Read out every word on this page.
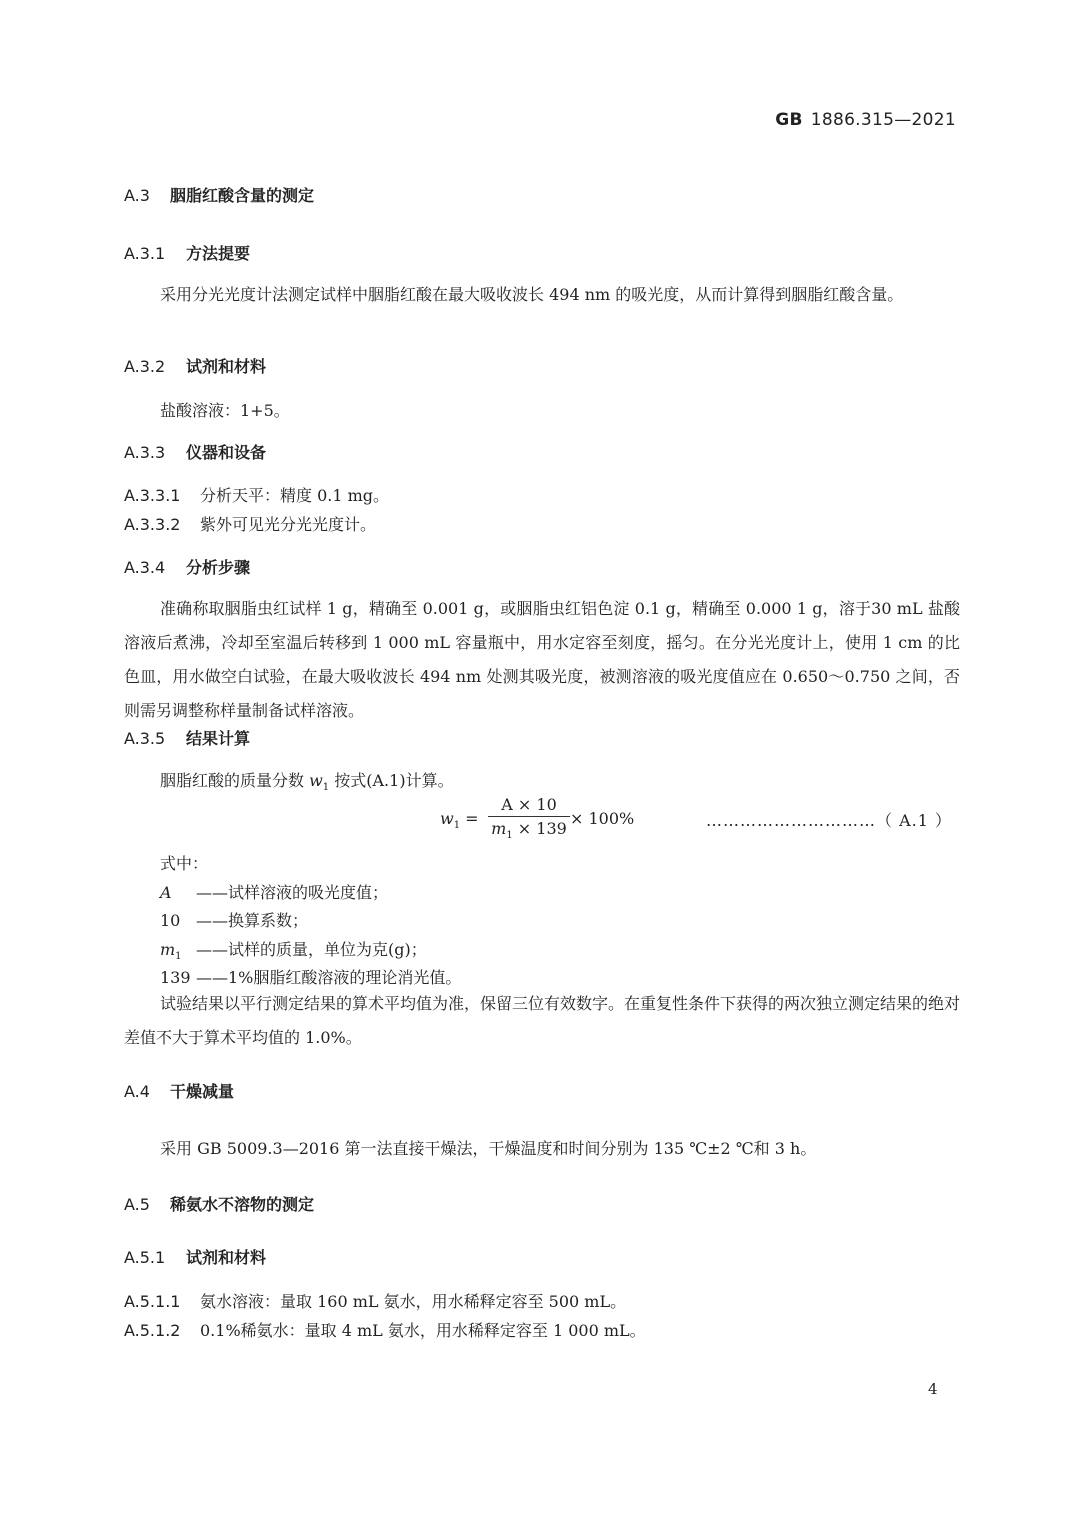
GB 1886.315—2021
A.3 胭脂红酸含量的测定
A.3.1 方法提要
采用分光光度计法测定试样中胭脂红酸在最大吸收波长 494 nm 的吸光度，从而计算得到胭脂红酸含量。
A.3.2 试剂和材料
盐酸溶液：1+5。
A.3.3 仪器和设备
A.3.3.1 分析天平：精度 0.1 mg。
A.3.3.2 紫外可见光分光光度计。
A.3.4 分析步骤
准确称取胭脂虫红试样 1 g，精确至 0.001 g，或胭脂虫红铝色淀 0.1 g，精确至 0.000 1 g，溶于30 mL 盐酸溶液后煮沸，冷却至室温后转移到 1 000 mL 容量瓶中，用水定容至刻度，摇匀。在分光光度计上，使用 1 cm 的比色皿，用水做空白试验，在最大吸收波长 494 nm 处测其吸光度，被测溶液的吸光度值应在 0.650～0.750 之间，否则需另调整称样量制备试样溶液。
A.3.5 结果计算
胭脂红酸的质量分数 $w_1$ 按式(A.1)计算。
$w_1 = \frac{A \times 10}{m_1 \times 139} \times 100\%$	…………………………（ A.1 ）
式中：
A ——试样溶液的吸光度值；
10 ——换算系数；
$m_1$ ——试样的质量，单位为克(g)；
139 ——1%胭脂红酸溶液的理论消光值。
试验结果以平行测定结果的算术平均值为准，保留三位有效数字。在重复性条件下获得的两次独立测定结果的绝对差值不大于算术平均值的 1.0%。
A.4 干燥减量
采用 GB 5009.3—2016 第一法直接干燥法，干燥温度和时间分别为 135 ℃±2 ℃和 3 h。
A.5 稀氨水不溶物的测定
A.5.1 试剂和材料
A.5.1.1 氨水溶液：量取 160 mL 氨水，用水稀释定容至 500 mL。
A.5.1.2 0.1%稀氨水：量取 4 mL 氨水，用水稀释定容至 1 000 mL。
4
